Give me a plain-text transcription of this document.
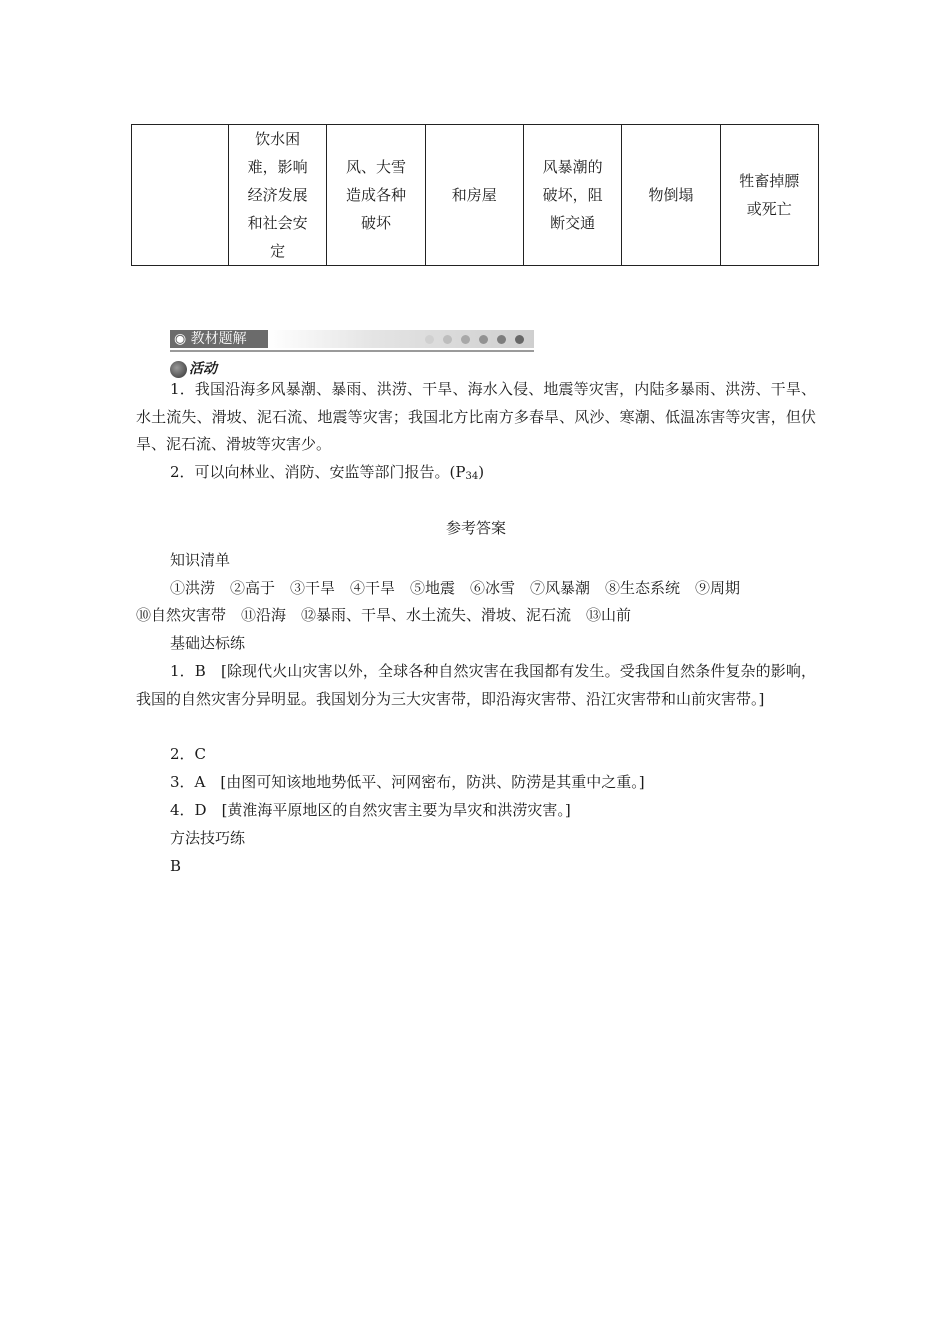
	饮水困难，影响经济发展和社会安定	风、大雪造成各种破坏	和房屋	风暴潮的破坏，阻断交通	物倒塌	牲畜掉膘或死亡
◉ 教材题解
活动
1．我国沿海多风暴潮、暴雨、洪涝、干旱、海水入侵、地震等灾害，内陆多暴雨、洪涝、干旱、水土流失、滑坡、泥石流、地震等灾害；我国北方比南方多春旱、风沙、寒潮、低温冻害等灾害，但伏旱、泥石流、滑坡等灾害少。
2．可以向林业、消防、安监等部门报告。$(P_{34})$
参考答案
知识清单
①洪涝　②高于　③干旱　④干旱　⑤地震　⑥冰雪　⑦风暴潮　⑧生态系统　⑨周期
⑩自然灾害带　⑪沿海　⑫暴雨、干旱、水土流失、滑坡、泥石流　⑬山前
基础达标练
1．B　[除现代火山灾害以外，全球各种自然灾害在我国都有发生。受我国自然条件复杂的影响，我国的自然灾害分异明显。我国划分为三大灾害带，即沿海灾害带、沿江灾害带和山前灾害带。]
2．C
3．A　[由图可知该地地势低平、河网密布，防洪、防涝是其重中之重。]
4．D　[黄淮海平原地区的自然灾害主要为旱灾和洪涝灾害。]
方法技巧练
B
